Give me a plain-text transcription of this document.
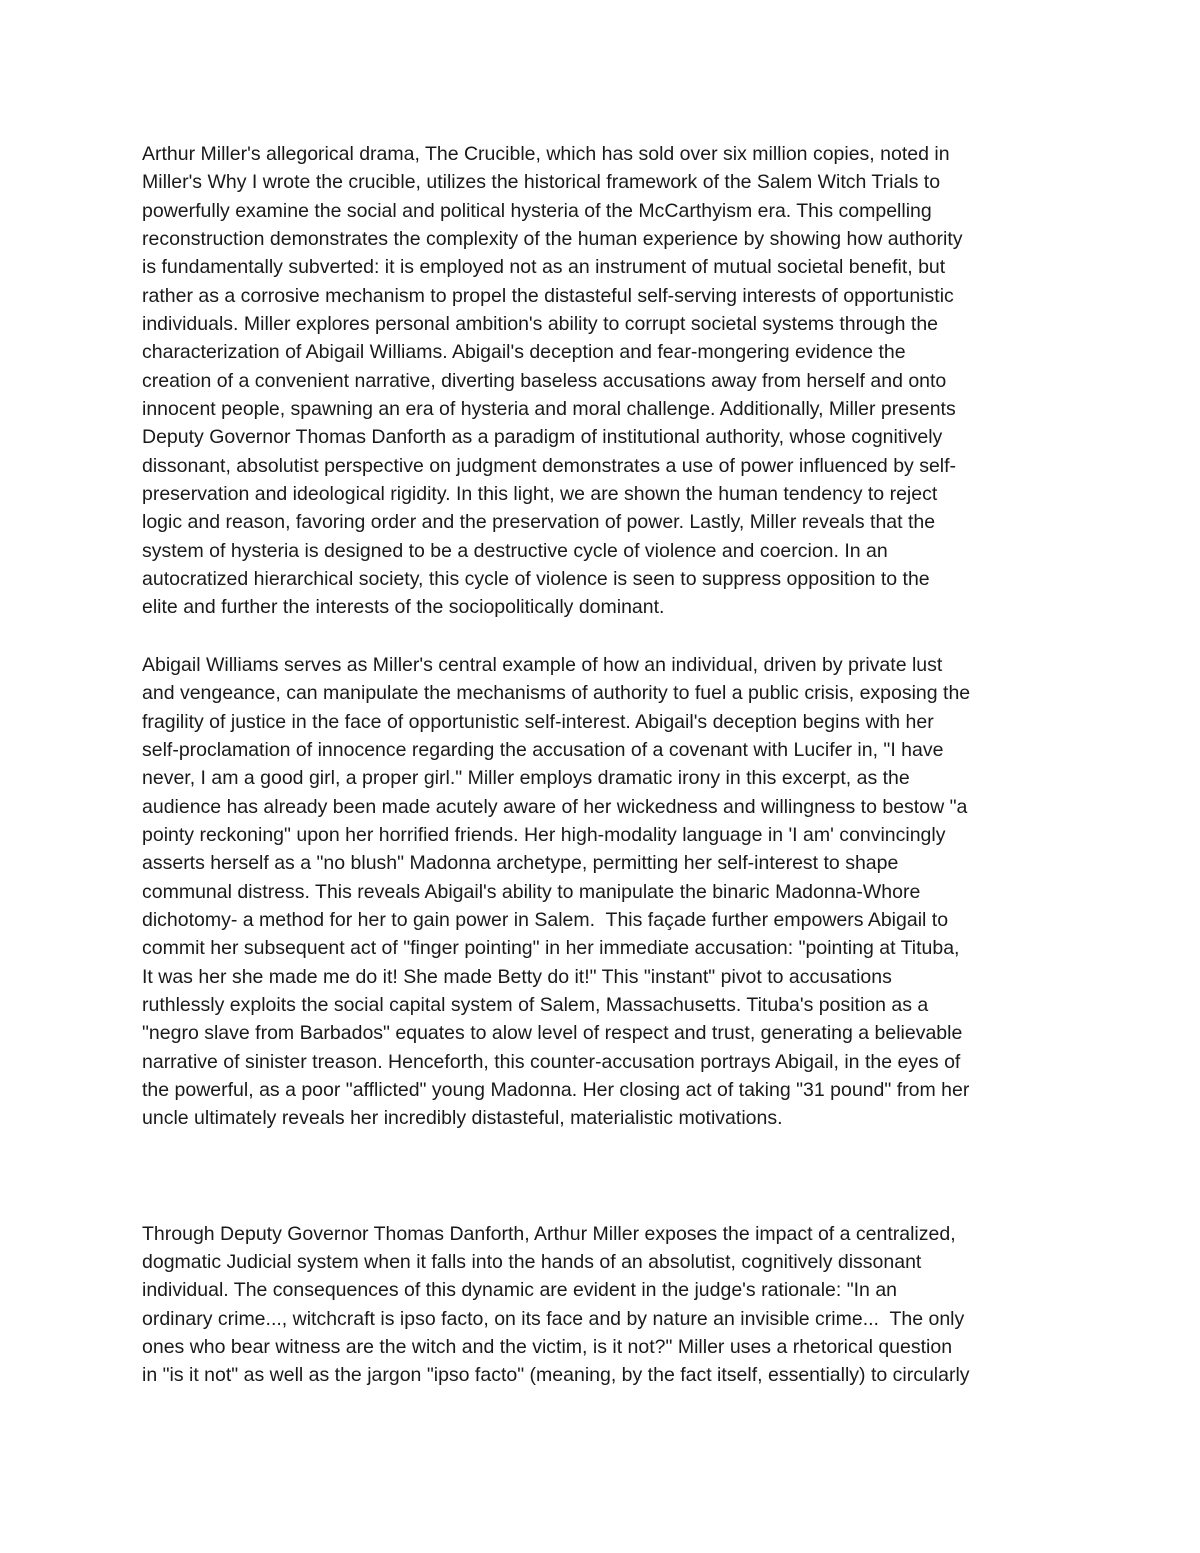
Arthur Miller's allegorical drama, The Crucible, which has sold over six million copies, noted in
Miller's Why I wrote the crucible, utilizes the historical framework of the Salem Witch Trials to
powerfully examine the social and political hysteria of the McCarthyism era. This compelling
reconstruction demonstrates the complexity of the human experience by showing how authority
is fundamentally subverted: it is employed not as an instrument of mutual societal benefit, but
rather as a corrosive mechanism to propel the distasteful self-serving interests of opportunistic
individuals. Miller explores personal ambition's ability to corrupt societal systems through the
characterization of Abigail Williams. Abigail's deception and fear-mongering evidence the
creation of a convenient narrative, diverting baseless accusations away from herself and onto
innocent people, spawning an era of hysteria and moral challenge. Additionally, Miller presents
Deputy Governor Thomas Danforth as a paradigm of institutional authority, whose cognitively
dissonant, absolutist perspective on judgment demonstrates a use of power influenced by self-
preservation and ideological rigidity. In this light, we are shown the human tendency to reject
logic and reason, favoring order and the preservation of power. Lastly, Miller reveals that the
system of hysteria is designed to be a destructive cycle of violence and coercion. In an
autocratized hierarchical society, this cycle of violence is seen to suppress opposition to the
elite and further the interests of the sociopolitically dominant.
Abigail Williams serves as Miller's central example of how an individual, driven by private lust
and vengeance, can manipulate the mechanisms of authority to fuel a public crisis, exposing the
fragility of justice in the face of opportunistic self-interest. Abigail's deception begins with her
self-proclamation of innocence regarding the accusation of a covenant with Lucifer in, "I have
never, I am a good girl, a proper girl." Miller employs dramatic irony in this excerpt, as the
audience has already been made acutely aware of her wickedness and willingness to bestow "a
pointy reckoning" upon her horrified friends. Her high-modality language in 'I am' convincingly
asserts herself as a "no blush" Madonna archetype, permitting her self-interest to shape
communal distress. This reveals Abigail's ability to manipulate the binaric Madonna-Whore
dichotomy- a method for her to gain power in Salem.  This façade further empowers Abigail to
commit her subsequent act of "finger pointing" in her immediate accusation: "pointing at Tituba,
It was her she made me do it! She made Betty do it!" This "instant" pivot to accusations
ruthlessly exploits the social capital system of Salem, Massachusetts. Tituba's position as a
"negro slave from Barbados" equates to alow level of respect and trust, generating a believable
narrative of sinister treason. Henceforth, this counter-accusation portrays Abigail, in the eyes of
the powerful, as a poor "afflicted" young Madonna. Her closing act of taking "31 pound" from her
uncle ultimately reveals her incredibly distasteful, materialistic motivations.
Through Deputy Governor Thomas Danforth, Arthur Miller exposes the impact of a centralized,
dogmatic Judicial system when it falls into the hands of an absolutist, cognitively dissonant
individual. The consequences of this dynamic are evident in the judge's rationale: "In an
ordinary crime..., witchcraft is ipso facto, on its face and by nature an invisible crime...  The only
ones who bear witness are the witch and the victim, is it not?" Miller uses a rhetorical question
in "is it not" as well as the jargon "ipso facto" (meaning, by the fact itself, essentially) to circularly
